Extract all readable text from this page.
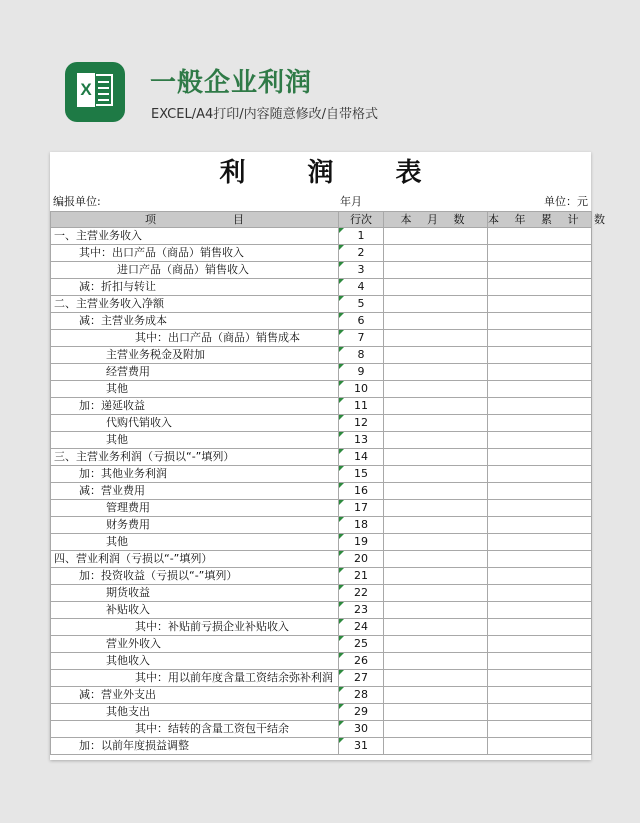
X 一般企业利润
EXCEL/A4打印/内容随意修改/自带格式
利润表
编报单位:	年月	单位：元
项　　　　　　　目	行次	本 月 数	本 年 累 计 数
一、主营业务收入	1		
其中：出口产品（商品）销售收入	2		
进口产品（商品）销售收入	3		
减：折扣与转让	4		
二、主营业务收入净额	5		
减：主营业务成本	6		
其中：出口产品（商品）销售成本	7		
主营业务税金及附加	8		
经营费用	9		
其他	10		
加：递延收益	11		
代购代销收入	12		
其他	13		
三、主营业务利润（亏损以“-”填列）	14		
加：其他业务利润	15		
减：营业费用	16		
管理费用	17		
财务费用	18		
其他	19		
四、营业利润（亏损以“-”填列）	20		
加：投资收益（亏损以“-”填列）	21		
期货收益	22		
补贴收入	23		
其中：补贴前亏损企业补贴收入	24		
营业外收入	25		
其他收入	26		
其中：用以前年度含量工资结余弥补利润	27		
减：营业外支出	28		
其他支出	29		
其中：结转的含量工资包干结余	30		
加：以前年度损益调整	31		
